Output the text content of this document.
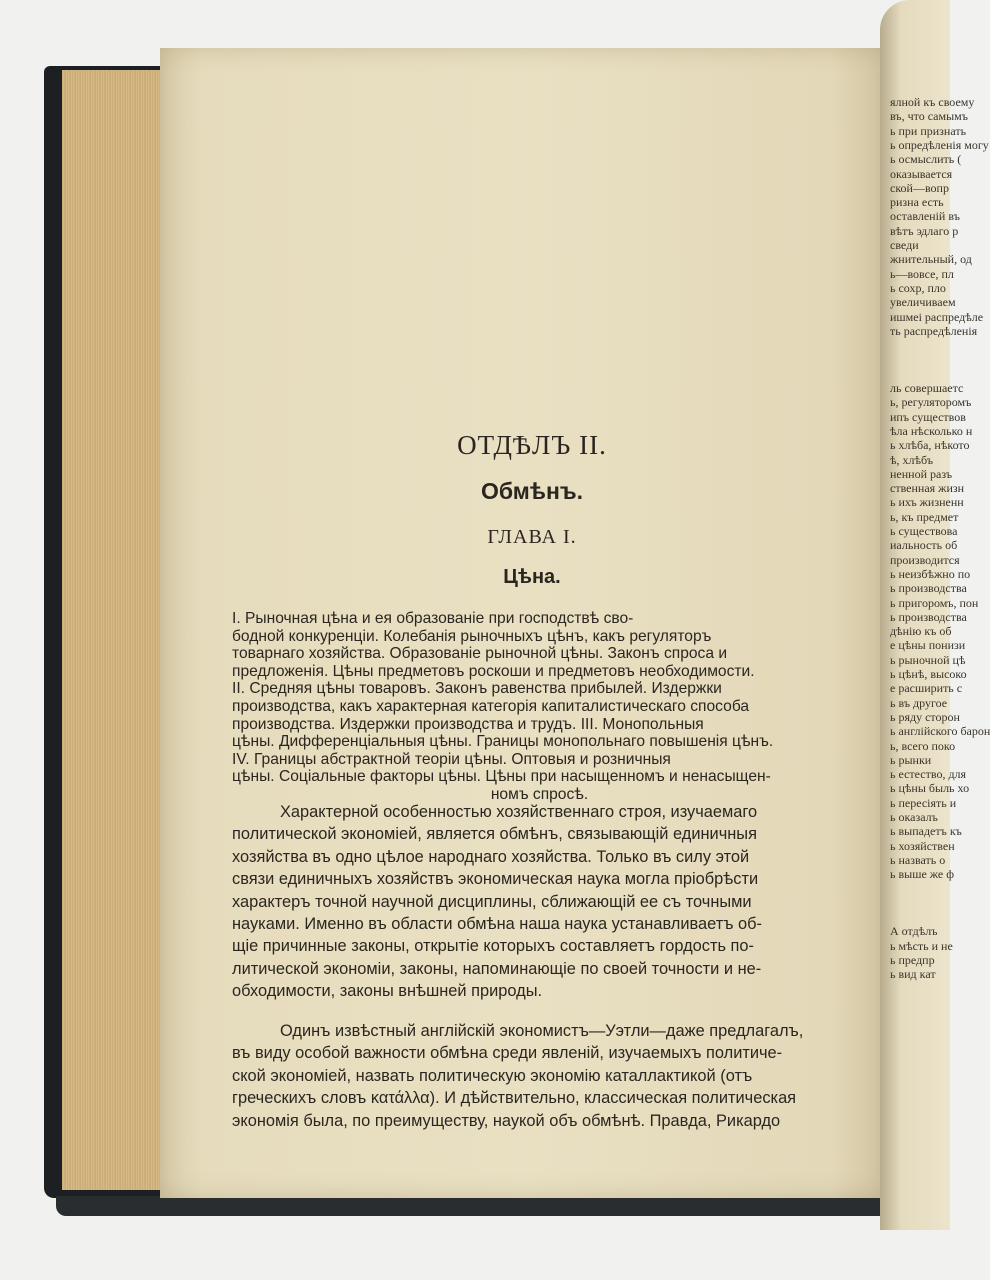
ялной къ своему
въ, что самымъ
ь при признать
ь опредѣленія могу
ь осмыслить (
оказывается
ской—вопр
ризна есть
оставленій въ
вѣтъ эдлаго р
сведи
жнительный, од
ь—вовсе, пл
ь сохр, пло
увеличиваем
ишмеі распредѣле
ть распредѣленія
ль совершаетс
ь, регуляторомъ
ипъ существов
ѣла нѣсколько н
ь хлѣба, нѣкото
ѣ, хлѣбъ
ненной разъ
ственная жизн
ь ихъ жизненн
ь, къ предмет
ь существова
иальность об
производится
ь неизбѣжно по
ь производства
ь пригоромъ, пон
ь производства
дѣнію къ об
е цѣны понизи
ь рыночной цѣ
ь цѣнѣ, высоко
е расширить с
ь въ другое
ь ряду сторон
ь англійского барон
ь, всего поко
ь рынки
ь естество, для
ь цѣны быль хо
ь пересіять и
ь оказалъ
ь выпадетъ къ
ь хозяйствен
ь назвать о
ь выше же ф
А отдѣлъ
ь мѣсть и не
ь предпр
ь вид кат
ОТДѢЛЪ II.
Обмѣнъ.
ГЛАВА I.
Цѣна.
I. Рыночная цѣна и ея образованіе при господствѣ сво-
бодной конкуренціи. Колебанія рыночныхъ цѣнъ, какъ регуляторъ
товарнаго хозяйства. Образованіе рыночной цѣны. Законъ спроса и
предложенія. Цѣны предметовъ роскоши и предметовъ необходимости.
II. Средняя цѣны товаровъ. Законъ равенства прибылей. Издержки
производства, какъ характерная категорія капиталистическаго способа
производства. Издержки производства и трудъ. III. Монопольныя
цѣны. Дифференціальныя цѣны. Границы монопольнаго повышенія цѣнъ.
IV. Границы абстрактной теоріи цѣны. Оптовыя и розничныя
цѣны. Соціальные факторы цѣны. Цѣны при насыщенномъ и ненасыщен-
номъ спросѣ.
Характерной особенностью хозяйственнаго строя, изучаемаго
политической экономіей, является обмѣнъ, связывающій единичныя
хозяйства въ одно цѣлое народнаго хозяйства. Только въ силу этой
связи единичныхъ хозяйствъ экономическая наука могла пріобрѣсти
характеръ точной научной дисциплины, сближающій ее съ точными
науками. Именно въ области обмѣна наша наука устанавливаетъ об-
щіе причинные законы, открытіе которыхъ составляетъ гордость по-
литической экономіи, законы, напоминающіе по своей точности и не-
обходимости, законы внѣшней природы.
Одинъ извѣстный англійскій экономистъ—Уэтли—даже предлагалъ,
въ виду особой важности обмѣна среди явленій, изучаемыхъ политиче-
ской экономіей, назвать политическую экономію каталлактикой (отъ
греческихъ словъ κατάλλα). И дѣйствительно, классическая политическая
экономія была, по преимуществу, наукой объ обмѣнѣ. Правда, Рикардо
